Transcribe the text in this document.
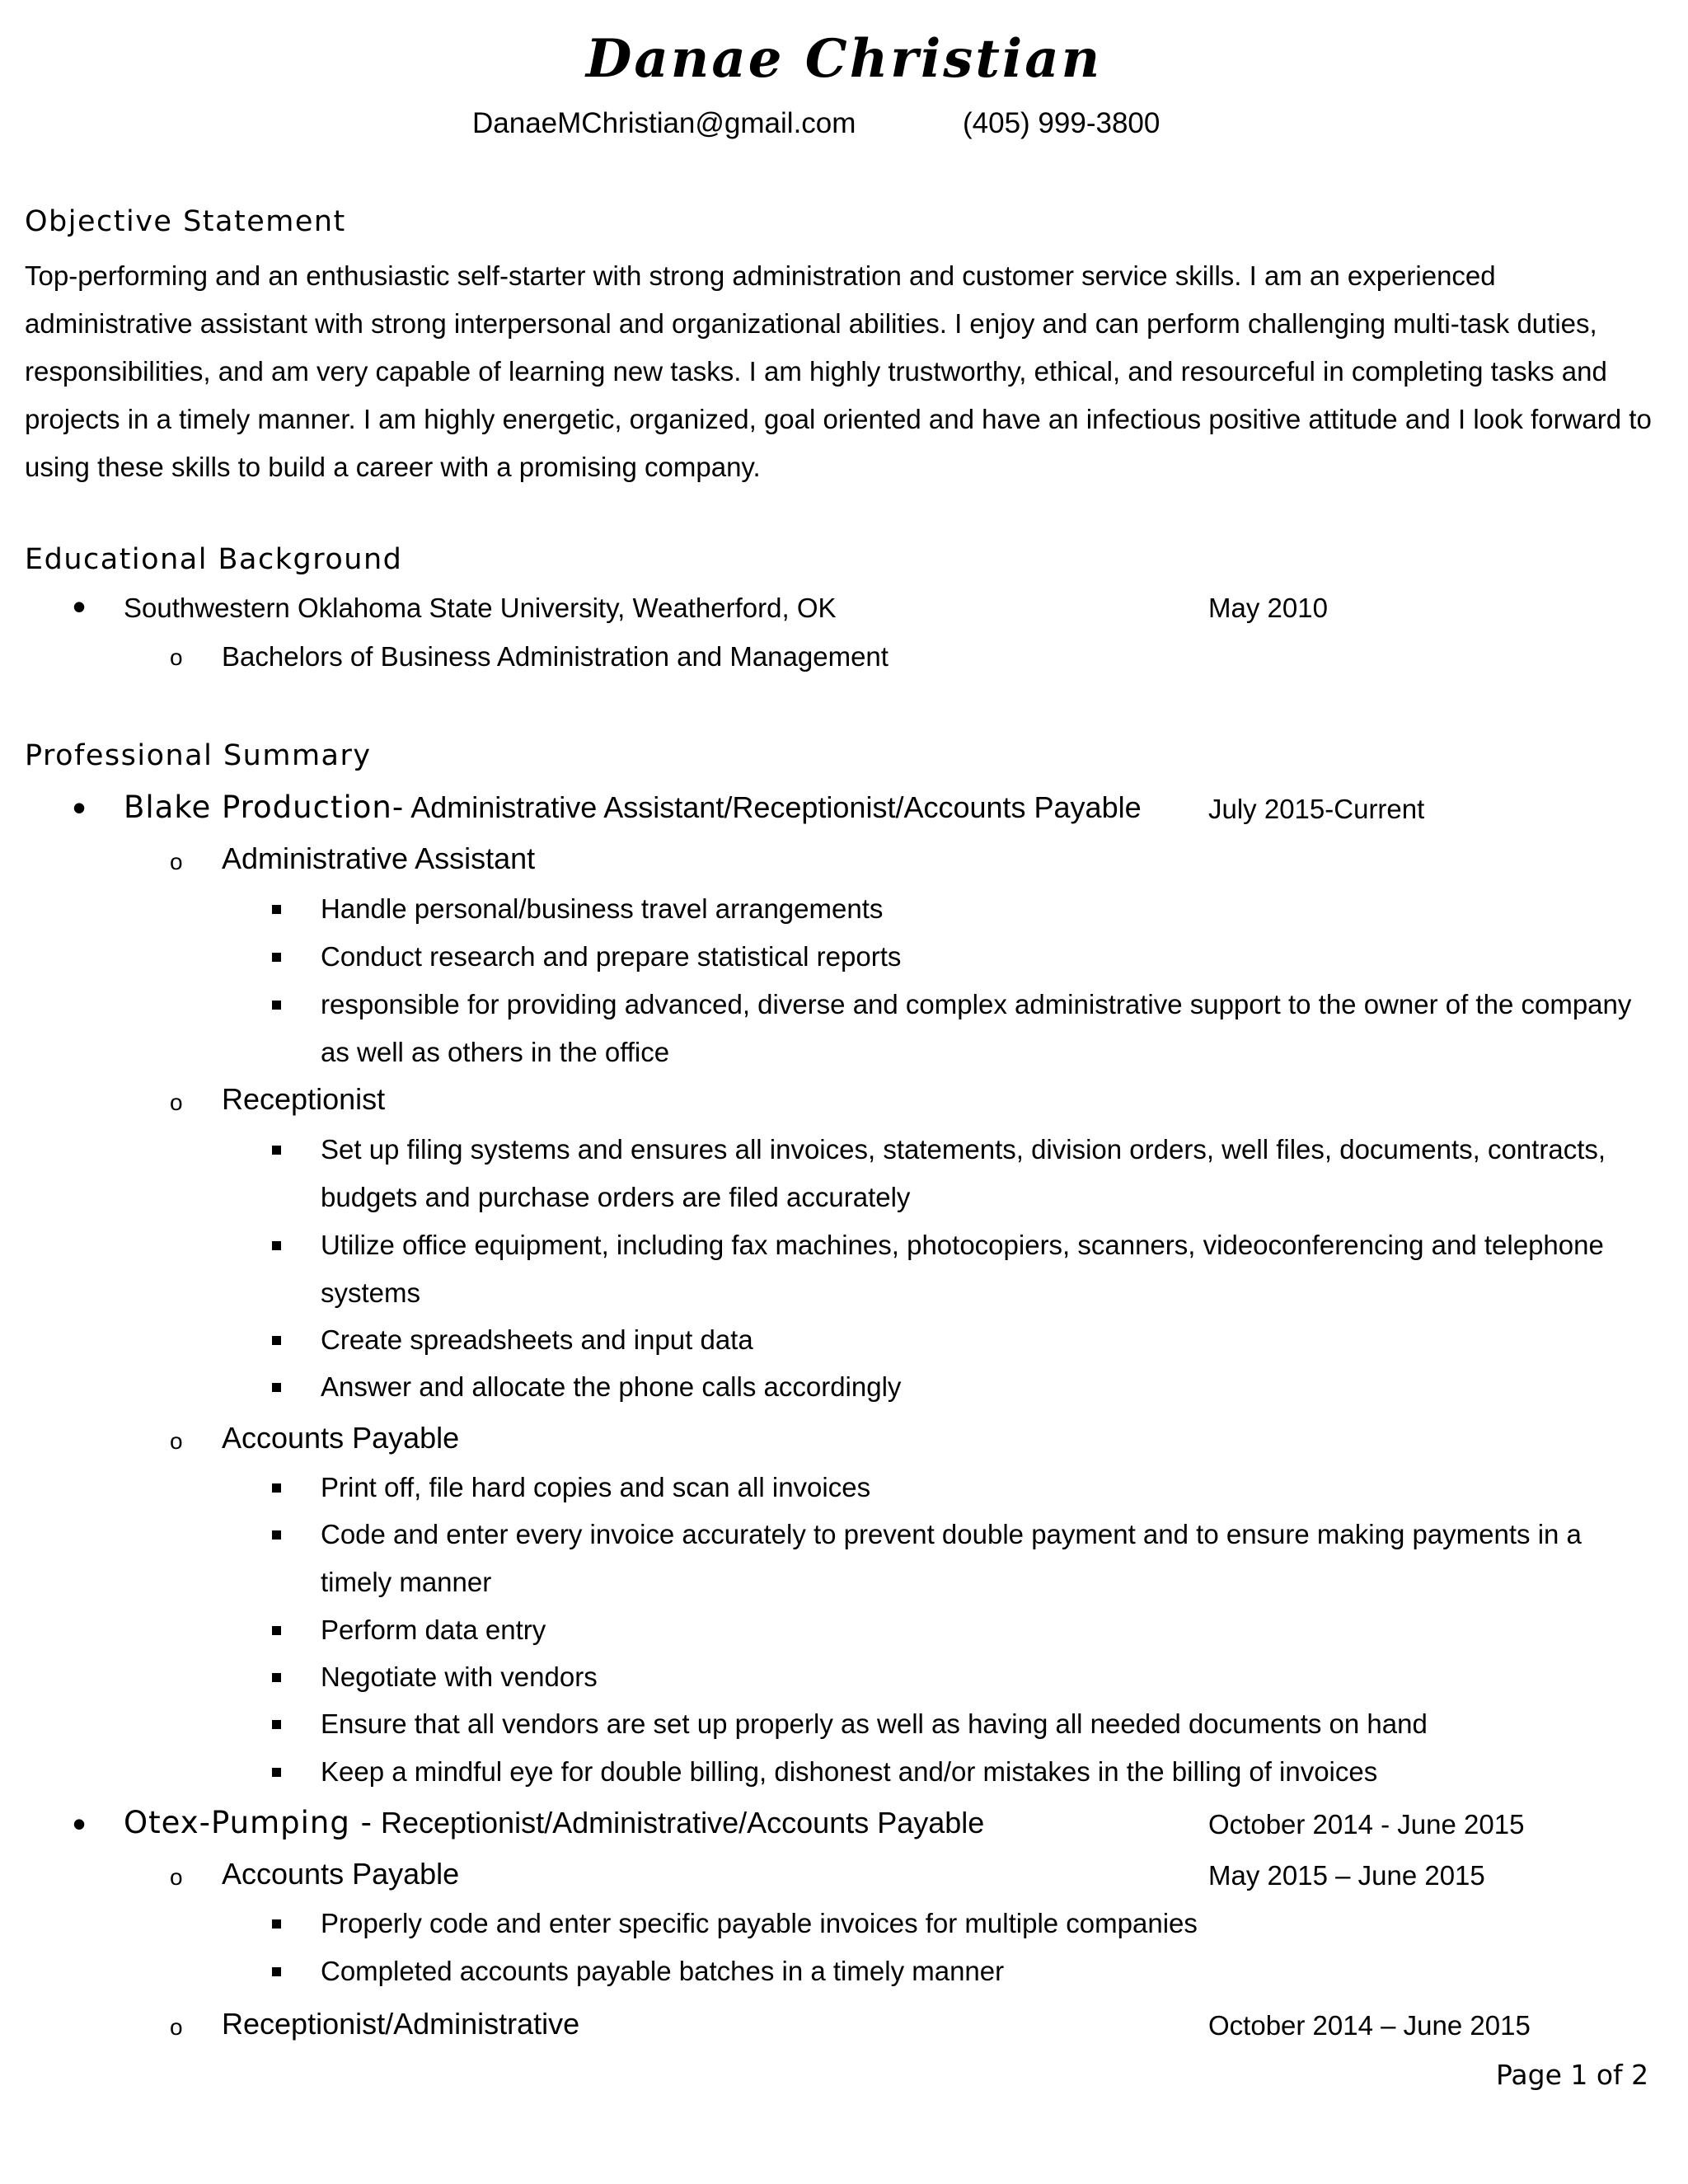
Danae Christian
DanaeMChristian@gmail.com	(405) 999-3800
Objective Statement
Top-performing and an enthusiastic self-starter with strong administration and customer service skills. I am an experienced administrative assistant with strong interpersonal and organizational abilities. I enjoy and can perform challenging multi-task duties, responsibilities, and am very capable of learning new tasks. I am highly trustworthy, ethical, and resourceful in completing tasks and projects in a timely manner. I am highly energetic, organized, goal oriented and have an infectious positive attitude and I look forward to using these skills to build a career with a promising company.
Educational Background
• Southwestern Oklahoma State University, Weatherford, OK	May 2010
o Bachelors of Business Administration and Management
Professional Summary
• Blake Production- Administrative Assistant/Receptionist/Accounts Payable July 2015-Current
o Administrative Assistant
Handle personal/business travel arrangements
Conduct research and prepare statistical reports
responsible for providing advanced, diverse and complex administrative support to the owner of the company as well as others in the office
o Receptionist
Set up filing systems and ensures all invoices, statements, division orders, well files, documents, contracts, budgets and purchase orders are filed accurately
Utilize office equipment, including fax machines, photocopiers, scanners, videoconferencing and telephone systems
Create spreadsheets and input data
Answer and allocate the phone calls accordingly
o Accounts Payable
Print off, file hard copies and scan all invoices
Code and enter every invoice accurately to prevent double payment and to ensure making payments in a timely manner
Perform data entry
Negotiate with vendors
Ensure that all vendors are set up properly as well as having all needed documents on hand
Keep a mindful eye for double billing, dishonest and/or mistakes in the billing of invoices
• Otex-Pumping - Receptionist/Administrative/Accounts Payable	October 2014 - June 2015
o Accounts Payable	May 2015 – June 2015
Properly code and enter specific payable invoices for multiple companies
Completed accounts payable batches in a timely manner
o Receptionist/Administrative	October 2014 – June 2015
Page 1 of 2
